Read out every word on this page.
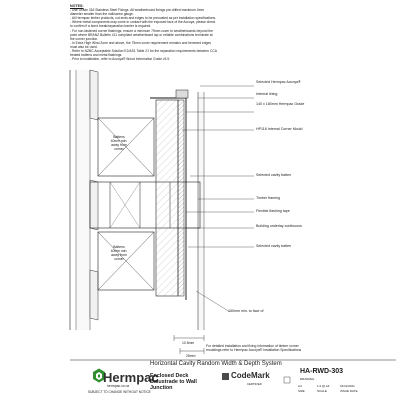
NOTES:
- Use Grade 316 Stainless Steel Fixings. All weatherboard fixings pre-drilled maximum 4mm
diameter smaller than the nail/screw gauge.
- All Hermpac timber products, cut ends and edges to be precoated as per installation specifications.
- Where metal components may come in contact with the exposed face of the Accoya, please check
to confirm if a bond break/separation barrier is required.
- For non-fastened corner flashings, ensure a minimum 75mm cover to weatherboards beyond the
point where BRANZ Bulletin 411 compliant weatherboard lap or reliable combinations terminate at
the corner junction.
- In Extra High Wind Zone and above, the 75mm cover requirement remains and hemmed edges
must also be used.
- Refer to NZBC Acceptable Solution E2/AS1 Table 21 for the separation requirements between CCA
treated battens and metal flashings.
- Prior to installation, refer to Accoya® Wood Information Guide v3.9.
Selected Hermpac Accoya®
Internal lining
140 x 180mm Hermpac Grade
HP118 Internal Corner Mould
Selected cavity batten
Timber framing
Flexible flashing tape
Building underlay continuous
Selected cavity batten
150mm min. to face of
Battens
40mm min.
away from
corner
Battens
40mm min.
away from
corner
10.5mm
28mm
For detailed installation and fixing information of timber corner
mouldings refer to Hermpac Accoya® Installation Specifications
Hermpac
hermpac.co.nz
SUBJECT TO CHANGE WITHOUT NOTICE
Horizontal Cavity Random Width & Depth System
Enclosed Deck
Balustrade to Wall
Junction
CodeMark
CERTIFIED
HA-RWD-303
DRAWING
A4	1:2 @ A4	01/11/2021
SIZE	SCALE	ISSUE DATE
